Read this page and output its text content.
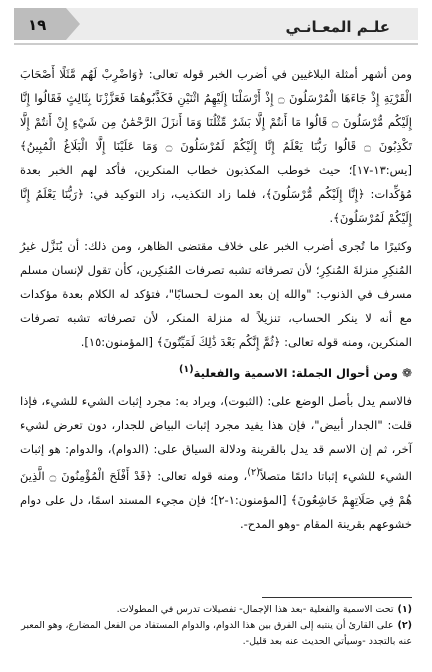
علـم المعـانـي
١٩

ومن أشهر أمثلة البلاغيين في أضرب الخبر قوله تعالى: ﴿وَاضْرِبْ لَهُم مَّثَلًا أَصْحَابَ الْقَرْيَةِ إِذْ جَاءَهَا الْمُرْسَلُونَ ۝ إِذْ أَرْسَلْنَا إِلَيْهِمُ اثْنَيْنِ فَكَذَّبُوهُمَا فَعَزَّزْنَا بِثَالِثٍ فَقَالُوا إِنَّا إِلَيْكُم مُّرْسَلُونَ ۝ قَالُوا مَا أَنتُمْ إِلَّا بَشَرٌ مِّثْلُنَا وَمَا أَنزَلَ الرَّحْمَٰنُ مِن شَيْءٍ إِنْ أَنتُمْ إِلَّا تَكْذِبُونَ ۝ قَالُوا رَبُّنَا يَعْلَمُ إِنَّا إِلَيْكُمْ لَمُرْسَلُونَ ۝ وَمَا عَلَيْنَا إِلَّا الْبَلَاغُ الْمُبِينُ﴾ [يس:١٣-١٧]؛ حيث خوطب المكذبون خطاب المنكرين، فأكد لهم الخبر بعدة مُؤكِّدات: ﴿إِنَّا إِلَيْكُم مُّرْسَلُونَ﴾، فلما زاد التكذيب، زاد التوكيد في: ﴿رَبُّنَا يَعْلَمُ إِنَّا إِلَيْكُمْ لَمُرْسَلُونَ﴾.

وكثيرًا ما تُجرى أضرب الخبر على خلاف مقتضى الظاهر، ومن ذلك: أن يُنَزَّل غيرُ المُنكِرِ منزلةَ المُنكِرِ؛ لأن تصرفاته تشبه تصرفات المُنكِرين، كأن تقول لإنسان مسلم مسرف في الذنوب: "والله إن بعد الموت لـحسابًا"، فتؤكد له الكلام بعدة مؤكدات مع أنه لا ينكر الحساب، تنزيلاً له منزلة المنكر، لأن تصرفاته تشبه تصرفات المنكرين، ومنه قوله تعالى: ﴿ثُمَّ إِنَّكُم بَعْدَ ذَٰلِكَ لَمَيِّتُونَ﴾ [المؤمنون:١٥].

❁ ومن أحوال الجملة: الاسمية والفعلية$^{(١)}$

فالاسم يدل بأصل الوضع على: (الثبوت)، ويراد به: مجرد إثبات الشيء للشيء، فإذا قلت: "الجدار أبيض"، فإن هذا يفيد مجرد إثبات البياض للجدار، دون تعرض لشيء آخر، ثم إن الاسم قد يدل بالقرينة ودلالة السياق على: (الدوام)، والدوام: هو إثبات الشيء للشيء إثباتا دائمًا متصلاً$^{(٢)}$، ومنه قوله تعالى: ﴿قَدْ أَفْلَحَ الْمُؤْمِنُونَ ۝ الَّذِينَ هُمْ فِي صَلَاتِهِمْ خَاشِعُونَ﴾ [المؤمنون:١-٢]؛ فإن مجيء المسند اسمًا، دل على دوام خشوعهم بقرينة المقام -وهو المدح-.

(١)تحت الاسمية والفعلية -بعد هذا الإجمال- تفصيلات تدرس في المطولات.

(٢)على القارئ أن ينتبه إلى الفرق بين هذا الدوام، والدوام المستفاد من الفعل المضارع، وهو المعبر عنه بالتجدد -وسيأتي الحديث عنه بعد قليل-.
